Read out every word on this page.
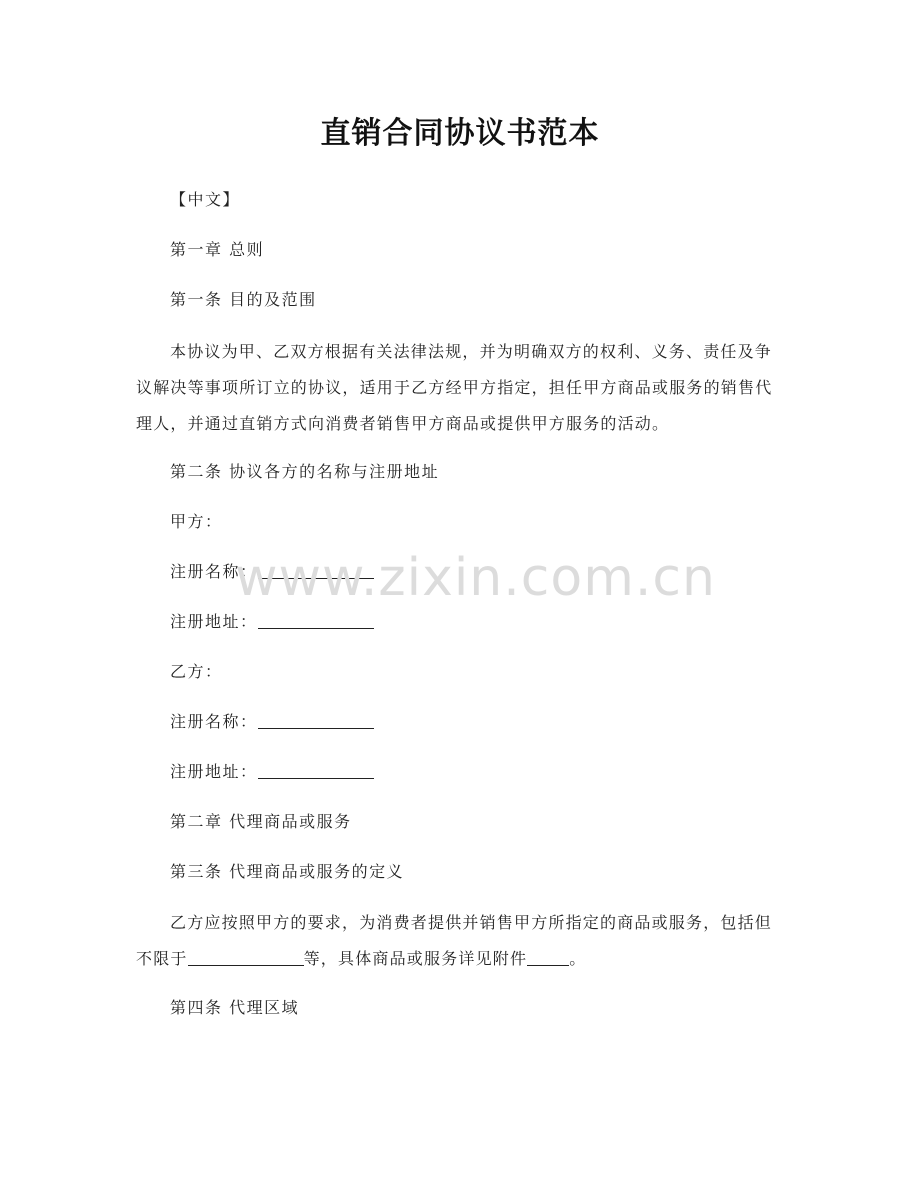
直销合同协议书范本
【中文】
第一章 总则
第一条 目的及范围
本协议为甲、乙双方根据有关法律法规，并为明确双方的权利、义务、责任及争议解决等事项所订立的协议，适用于乙方经甲方指定，担任甲方商品或服务的销售代理人，并通过直销方式向消费者销售甲方商品或提供甲方服务的活动。
第二条 协议各方的名称与注册地址
甲方：
注册名称：
注册地址：
乙方：
注册名称：
注册地址：
第二章 代理商品或服务
第三条 代理商品或服务的定义
乙方应按照甲方的要求，为消费者提供并销售甲方所指定的商品或服务，包括但不限于	等，具体商品或服务详见附件	。
第四条 代理区域
www.zixin.com.cn
